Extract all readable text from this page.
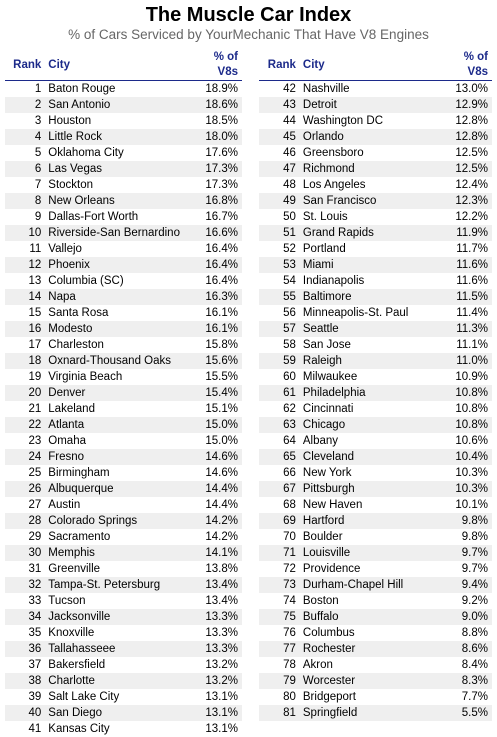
The Muscle Car Index
% of Cars Serviced by YourMechanic That Have V8 Engines
Rank	City	% of V8s
1	Baton Rouge	18.9%
2	San Antonio	18.6%
3	Houston	18.5%
4	Little Rock	18.0%
5	Oklahoma City	17.6%
6	Las Vegas	17.3%
7	Stockton	17.3%
8	New Orleans	16.8%
9	Dallas-Fort Worth	16.7%
10	Riverside-San Bernardino	16.6%
11	Vallejo	16.4%
12	Phoenix	16.4%
13	Columbia (SC)	16.4%
14	Napa	16.3%
15	Santa Rosa	16.1%
16	Modesto	16.1%
17	Charleston	15.8%
18	Oxnard-Thousand Oaks	15.6%
19	Virginia Beach	15.5%
20	Denver	15.4%
21	Lakeland	15.1%
22	Atlanta	15.0%
23	Omaha	15.0%
24	Fresno	14.6%
25	Birmingham	14.6%
26	Albuquerque	14.4%
27	Austin	14.4%
28	Colorado Springs	14.2%
29	Sacramento	14.2%
30	Memphis	14.1%
31	Greenville	13.8%
32	Tampa-St. Petersburg	13.4%
33	Tucson	13.4%
34	Jacksonville	13.3%
35	Knoxville	13.3%
36	Tallahasseee	13.3%
37	Bakersfield	13.2%
38	Charlotte	13.2%
39	Salt Lake City	13.1%
40	San Diego	13.1%
41	Kansas City	13.1%
Rank	City	% of V8s
42	Nashville	13.0%
43	Detroit	12.9%
44	Washington DC	12.8%
45	Orlando	12.8%
46	Greensboro	12.5%
47	Richmond	12.5%
48	Los Angeles	12.4%
49	San Francisco	12.3%
50	St. Louis	12.2%
51	Grand Rapids	11.9%
52	Portland	11.7%
53	Miami	11.6%
54	Indianapolis	11.6%
55	Baltimore	11.5%
56	Minneapolis-St. Paul	11.4%
57	Seattle	11.3%
58	San Jose	11.1%
59	Raleigh	11.0%
60	Milwaukee	10.9%
61	Philadelphia	10.8%
62	Cincinnati	10.8%
63	Chicago	10.8%
64	Albany	10.6%
65	Cleveland	10.4%
66	New York	10.3%
67	Pittsburgh	10.3%
68	New Haven	10.1%
69	Hartford	9.8%
70	Boulder	9.8%
71	Louisville	9.7%
72	Providence	9.7%
73	Durham-Chapel Hill	9.4%
74	Boston	9.2%
75	Buffalo	9.0%
76	Columbus	8.8%
77	Rochester	8.6%
78	Akron	8.4%
79	Worcester	8.3%
80	Bridgeport	7.7%
81	Springfield	5.5%
